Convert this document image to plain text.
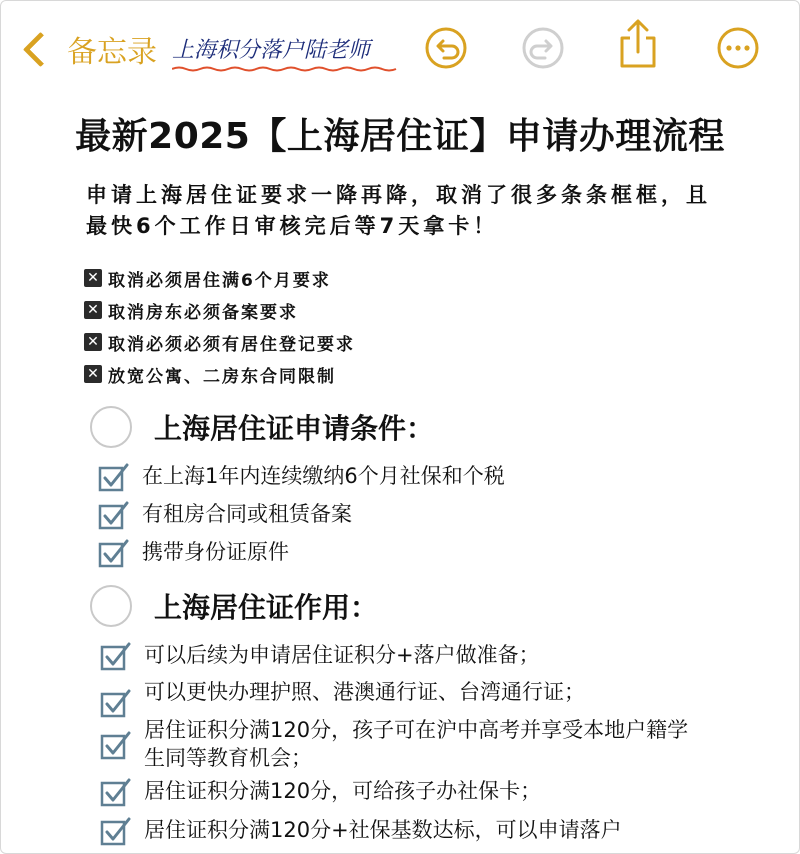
备忘录 上海积分落户陆老师
最新2025【上海居住证】申请办理流程
申请上海居住证要求一降再降，取消了很多条条框框，且最快6个工作日审核完后等7天拿卡！
✕ 取消必须居住满6个月要求
✕ 取消房东必须备案要求
✕ 取消必须必须有居住登记要求
✕ 放宽公寓、二房东合同限制
上海居住证申请条件：
在上海1年内连续缴纳6个月社保和个税
有租房合同或租赁备案
携带身份证原件
上海居住证作用：
可以后续为申请居住证积分+落户做准备；
可以更快办理护照、港澳通行证、台湾通行证；
居住证积分满120分，孩子可在沪中高考并享受本地户籍学生同等教育机会；
居住证积分满120分，可给孩子办社保卡；
居住证积分满120分+社保基数达标，可以申请落户
